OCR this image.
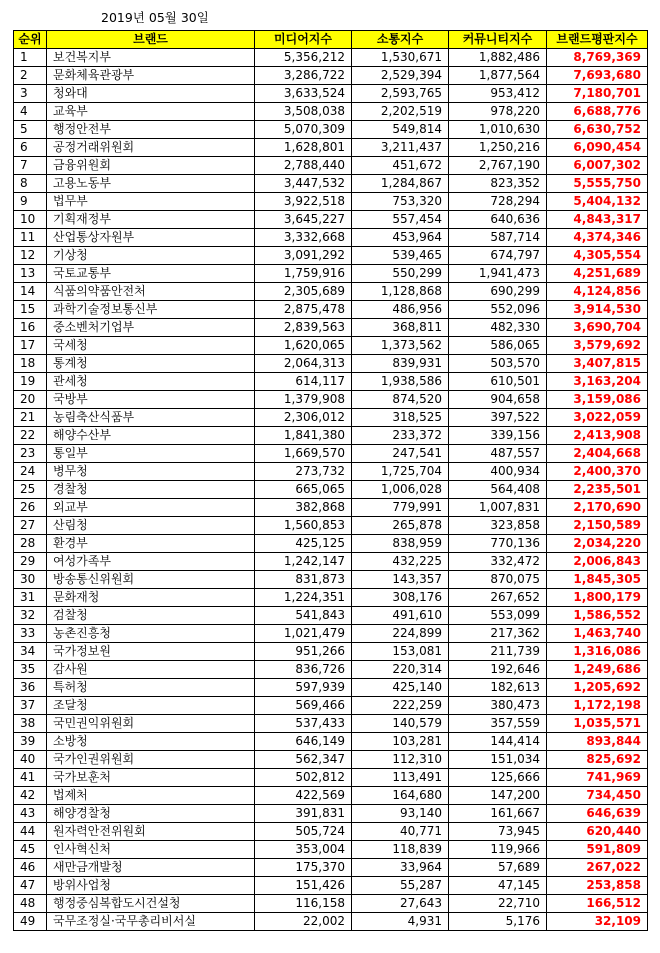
2019년 05월 30일
순위	브랜드	미디어지수	소통지수	커뮤니티지수	브랜드평판지수
1	보건복지부	5,356,212	1,530,671	1,882,486	8,769,369
2	문화체육관광부	3,286,722	2,529,394	1,877,564	7,693,680
3	청와대	3,633,524	2,593,765	953,412	7,180,701
4	교육부	3,508,038	2,202,519	978,220	6,688,776
5	행정안전부	5,070,309	549,814	1,010,630	6,630,752
6	공정거래위원회	1,628,801	3,211,437	1,250,216	6,090,454
7	금융위원회	2,788,440	451,672	2,767,190	6,007,302
8	고용노동부	3,447,532	1,284,867	823,352	5,555,750
9	법무부	3,922,518	753,320	728,294	5,404,132
10	기획재정부	3,645,227	557,454	640,636	4,843,317
11	산업통상자원부	3,332,668	453,964	587,714	4,374,346
12	기상청	3,091,292	539,465	674,797	4,305,554
13	국토교통부	1,759,916	550,299	1,941,473	4,251,689
14	식품의약품안전처	2,305,689	1,128,868	690,299	4,124,856
15	과학기술정보통신부	2,875,478	486,956	552,096	3,914,530
16	중소벤처기업부	2,839,563	368,811	482,330	3,690,704
17	국세청	1,620,065	1,373,562	586,065	3,579,692
18	통계청	2,064,313	839,931	503,570	3,407,815
19	관세청	614,117	1,938,586	610,501	3,163,204
20	국방부	1,379,908	874,520	904,658	3,159,086
21	농림축산식품부	2,306,012	318,525	397,522	3,022,059
22	해양수산부	1,841,380	233,372	339,156	2,413,908
23	통일부	1,669,570	247,541	487,557	2,404,668
24	병무청	273,732	1,725,704	400,934	2,400,370
25	경찰청	665,065	1,006,028	564,408	2,235,501
26	외교부	382,868	779,991	1,007,831	2,170,690
27	산림청	1,560,853	265,878	323,858	2,150,589
28	환경부	425,125	838,959	770,136	2,034,220
29	여성가족부	1,242,147	432,225	332,472	2,006,843
30	방송통신위원회	831,873	143,357	870,075	1,845,305
31	문화재청	1,224,351	308,176	267,652	1,800,179
32	검찰청	541,843	491,610	553,099	1,586,552
33	농촌진흥청	1,021,479	224,899	217,362	1,463,740
34	국가정보원	951,266	153,081	211,739	1,316,086
35	감사원	836,726	220,314	192,646	1,249,686
36	특허청	597,939	425,140	182,613	1,205,692
37	조달청	569,466	222,259	380,473	1,172,198
38	국민권익위원회	537,433	140,579	357,559	1,035,571
39	소방청	646,149	103,281	144,414	893,844
40	국가인권위원회	562,347	112,310	151,034	825,692
41	국가보훈처	502,812	113,491	125,666	741,969
42	법제처	422,569	164,680	147,200	734,450
43	해양경찰청	391,831	93,140	161,667	646,639
44	원자력안전위원회	505,724	40,771	73,945	620,440
45	인사혁신처	353,004	118,839	119,966	591,809
46	새만금개발청	175,370	33,964	57,689	267,022
47	방위사업청	151,426	55,287	47,145	253,858
48	행정중심복합도시건설청	116,158	27,643	22,710	166,512
49	국무조정실·국무총리비서실	22,002	4,931	5,176	32,109
